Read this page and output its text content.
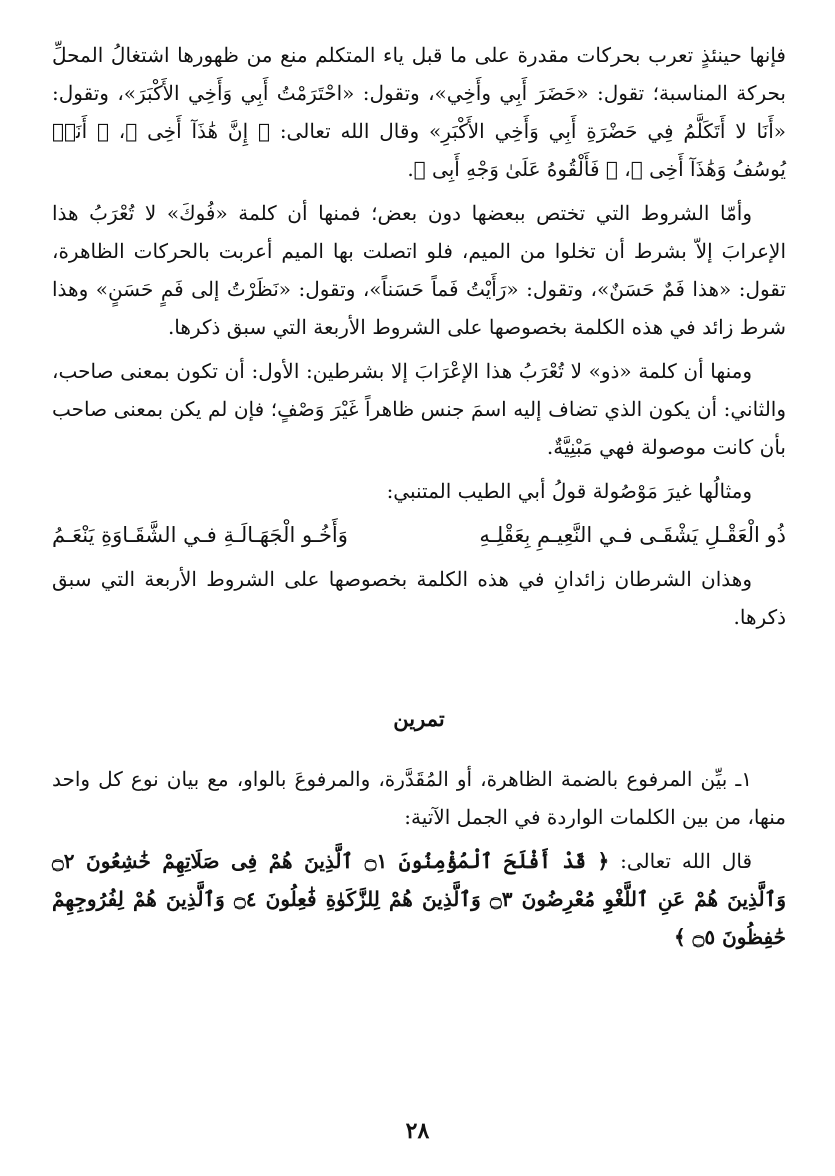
فإنها حينئذٍ تعرب بحركات مقدرة على ما قبل ياء المتكلم منع من ظهورها اشتغالُ المحلِّ بحركة المناسبة؛ تقول: «حَضَرَ أَبِي وأَخِي»، وتقول: «احْتَرَمْتُ أَبِي وَأَخِي الأَكْبَرَ»، وتقول: «أَنَا لا أَتَكَلَّمُ فِي حَضْرَةِ أَبِي وَأَخِي الأَكْبَرِ» وقال الله تعالى: ﴿ إِنَّ هَٰذَآ أَخِى ﴾، ﴿ أَنَا۠ يُوسُفُ وَهَٰذَآ أَخِى ﴾، ﴿ فَأَلْقُوهُ عَلَىٰ وَجْهِ أَبِى ﴾.

وأمّا الشروط التي تختص ببعضها دون بعض؛ فمنها أن كلمة «فُوكَ» لا تُعْرَبُ هذا الإعرابَ إلاّ بشرط أن تخلوا من الميم، فلو اتصلت بها الميم أعربت بالحركات الظاهرة، تقول: «هذا فَمٌ حَسَنٌ»، وتقول: «رَأَيْتُ فَماً حَسَناً»، وتقول: «نَظَرْتُ إلى فَمٍ حَسَنٍ» وهذا شرط زائد في هذه الكلمة بخصوصها على الشروط الأربعة التي سبق ذكرها.

ومنها أن كلمة «ذو» لا تُعْرَبُ هذا الإعْرَابَ إلا بشرطين: الأول: أن تكون بمعنى صاحب، والثاني: أن يكون الذي تضاف إليه اسمَ جنس ظاهراً غَيْرَ وَصْفٍ؛ فإن لم يكن بمعنى صاحب بأن كانت موصولة فهي مَبْنِيَّةٌ.

ومثالُها غيرَ مَوْصُولة قولُ أبي الطيب المتنبي:

ذُو الْعَقْـلِ يَشْقَـى فـي النَّعِيـمِ بِعَقْلِـهِ
وَأَخُـو الْجَهَـالَـةِ فـي الشَّقَـاوَةِ يَنْعَـمُ

وهذان الشرطان زائدانِ في هذه الكلمة بخصوصها على الشروط الأربعة التي سبق ذكرها.

تمرين

١ـ بيِّن المرفوع بالضمة الظاهرة، أو المُقَدَّرة، والمرفوعَ بالواو، مع بيان نوع كل واحد منها، من بين الكلمات الواردة في الجمل الآتية:

قال الله تعالى: ﴿ قَدْ أَفْلَحَ ٱلْمُؤْمِنُونَ ۝١ ٱلَّذِينَ هُمْ فِى صَلَاتِهِمْ خَٰشِعُونَ ۝٢ وَٱلَّذِينَ هُمْ عَنِ ٱللَّغْوِ مُعْرِضُونَ ۝٣ وَٱلَّذِينَ هُمْ لِلزَّكَوٰةِ فَٰعِلُونَ ۝٤ وَٱلَّذِينَ هُمْ لِفُرُوجِهِمْ حَٰفِظُونَ ۝٥ ﴾

٢٨
